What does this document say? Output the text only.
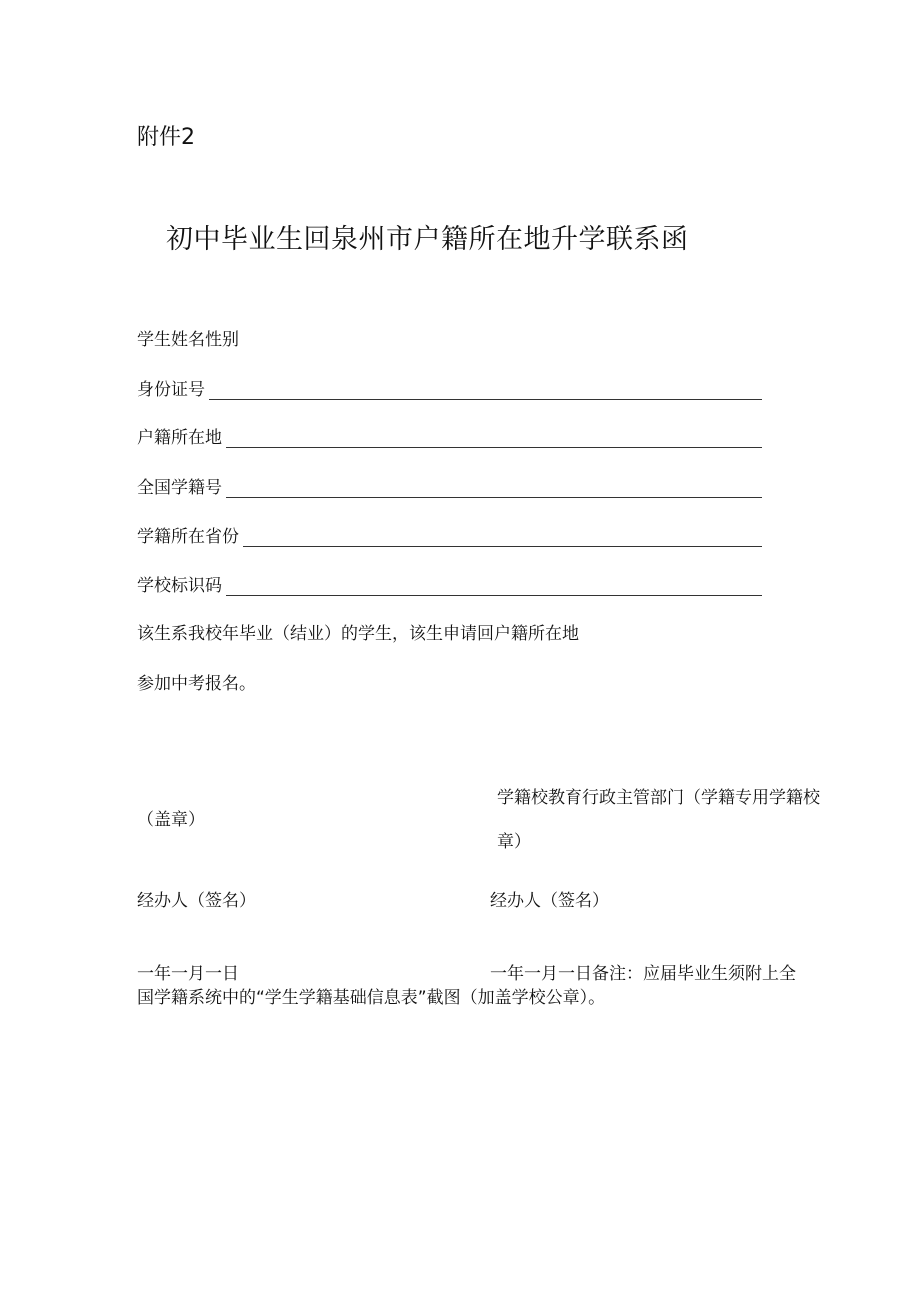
附件2
初中毕业生回泉州市户籍所在地升学联系函
学生姓名性别
身份证号
户籍所在地
全国学籍号
学籍所在省份
学校标识码
该生系我校年毕业（结业）的学生，该生申请回户籍所在地
参加中考报名。
学籍校教育行政主管部门（学籍专用学籍校
（盖章）
章）
经办人（签名）	经办人（签名）
一年一月一日	一年一月一日备注：应届毕业生须附上全
国学籍系统中的“学生学籍基础信息表”截图（加盖学校公章）。
